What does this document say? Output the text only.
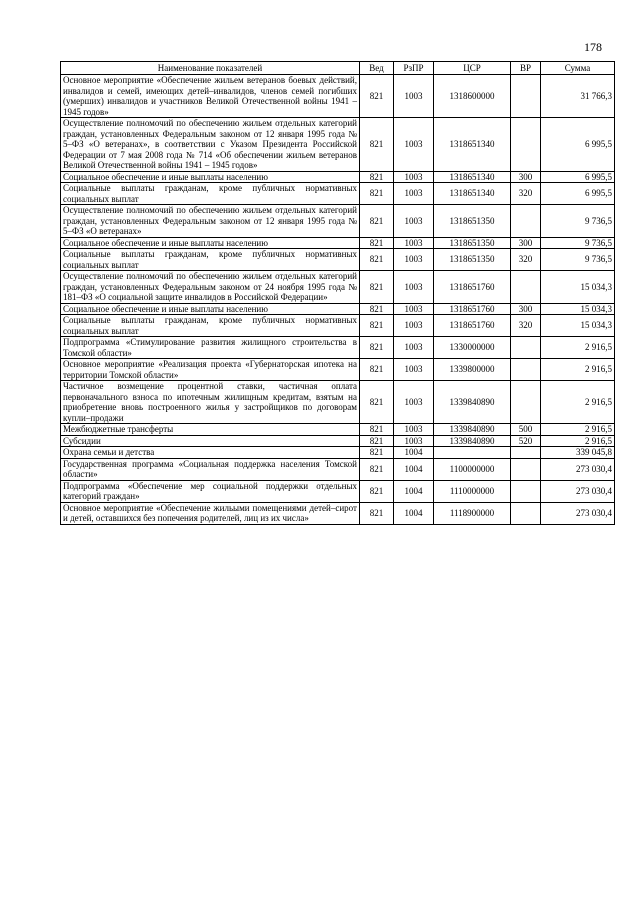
178
Наименование показателей	Вед	РзПР	ЦСР	ВР	Сумма
Основное мероприятие «Обеспечение жильем ветеранов боевых действий, инвалидов и семей, имеющих детей–инвалидов, членов семей погибших (умерших) инвалидов и участников Великой Отечественной войны 1941 – 1945 годов»	821	1003	1318600000		31 766,3
Осуществление полномочий по обеспечению жильем отдельных категорий граждан, установленных Федеральным законом от 12 января 1995 года № 5–ФЗ «О ветеранах», в соответствии с Указом Президента Российской Федерации от 7 мая 2008 года № 714 «Об обеспечении жильем ветеранов Великой Отечественной войны 1941 – 1945 годов»	821	1003	1318651340		6 995,5
Социальное обеспечение и иные выплаты населению	821	1003	1318651340	300	6 995,5
Социальные выплаты гражданам, кроме публичных нормативных социальных выплат	821	1003	1318651340	320	6 995,5
Осуществление полномочий по обеспечению жильем отдельных категорий граждан, установленных Федеральным законом от 12 января 1995 года № 5–ФЗ «О ветеранах»	821	1003	1318651350		9 736,5
Социальное обеспечение и иные выплаты населению	821	1003	1318651350	300	9 736,5
Социальные выплаты гражданам, кроме публичных нормативных социальных выплат	821	1003	1318651350	320	9 736,5
Осуществление полномочий по обеспечению жильем отдельных категорий граждан, установленных Федеральным законом от 24 ноября 1995 года № 181–ФЗ «О социальной защите инвалидов в Российской Федерации»	821	1003	1318651760		15 034,3
Социальное обеспечение и иные выплаты населению	821	1003	1318651760	300	15 034,3
Социальные выплаты гражданам, кроме публичных нормативных социальных выплат	821	1003	1318651760	320	15 034,3
Подпрограмма «Стимулирование развития жилищного строительства в Томской области»	821	1003	1330000000		2 916,5
Основное мероприятие «Реализация проекта «Губернаторская ипотека на территории Томской области»	821	1003	1339800000		2 916,5
Частичное возмещение процентной ставки, частичная оплата первоначального взноса по ипотечным жилищным кредитам, взятым на приобретение вновь построенного жилья у застройщиков по договорам купли–продажи	821	1003	1339840890		2 916,5
Межбюджетные трансферты	821	1003	1339840890	500	2 916,5
Субсидии	821	1003	1339840890	520	2 916,5
Охрана семьи и детства	821	1004			339 045,8
Государственная программа «Социальная поддержка населения Томской области»	821	1004	1100000000		273 030,4
Подпрограмма «Обеспечение мер социальной поддержки отдельных категорий граждан»	821	1004	1110000000		273 030,4
Основное мероприятие «Обеспечение жильыми помещениями детей–сирот и детей, оставшихся без попечения родителей, лиц из их числа»	821	1004	1118900000		273 030,4
